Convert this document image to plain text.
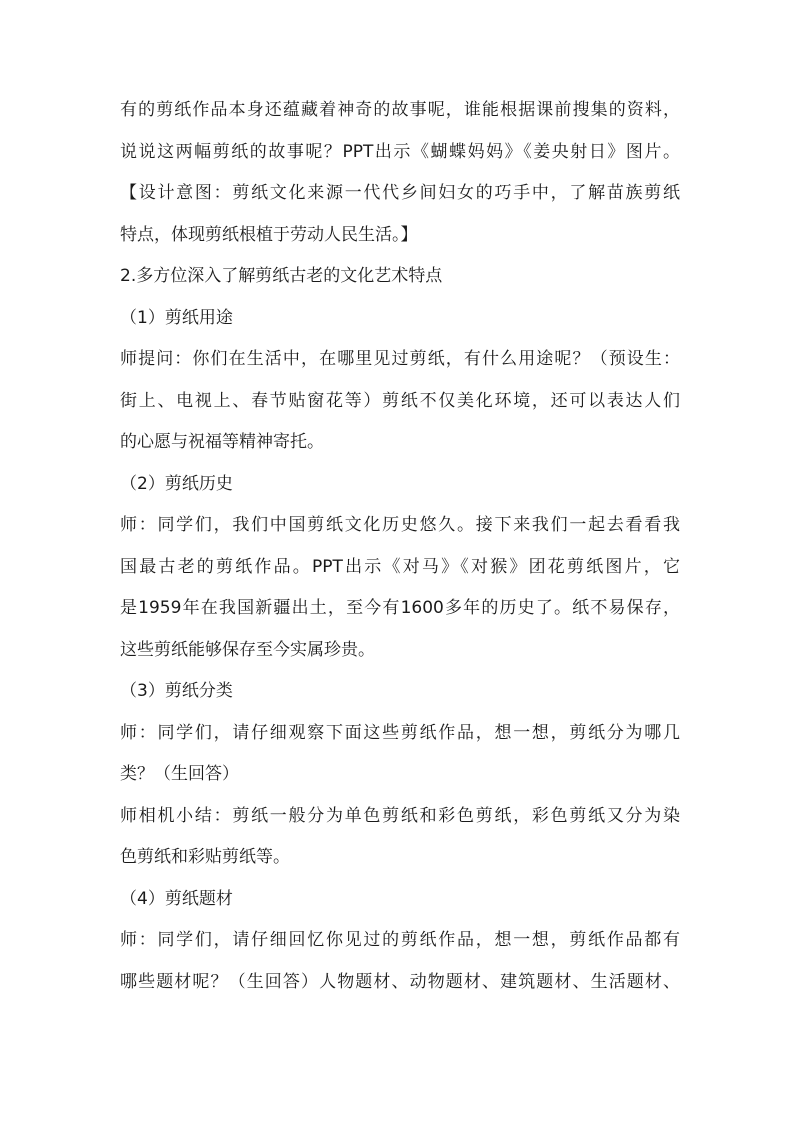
有的剪纸作品本身还蕴藏着神奇的故事呢，谁能根据课前搜集的资料，
说说这两幅剪纸的故事呢？PPT出示《蝴蝶妈妈》《姜央射日》图片。
【设计意图：剪纸文化来源一代代乡间妇女的巧手中，了解苗族剪纸
特点，体现剪纸根植于劳动人民生活。】
2.多方位深入了解剪纸古老的文化艺术特点
（1）剪纸用途
师提问：你们在生活中，在哪里见过剪纸，有什么用途呢？（预设生：
街上、电视上、春节贴窗花等）剪纸不仅美化环境，还可以表达人们
的心愿与祝福等精神寄托。
（2）剪纸历史
师：同学们，我们中国剪纸文化历史悠久。接下来我们一起去看看我
国最古老的剪纸作品。PPT出示《对马》《对猴》团花剪纸图片，它
是1959年在我国新疆出土，至今有1600多年的历史了。纸不易保存，
这些剪纸能够保存至今实属珍贵。
（3）剪纸分类
师：同学们，请仔细观察下面这些剪纸作品，想一想，剪纸分为哪几
类？（生回答）
师相机小结：剪纸一般分为单色剪纸和彩色剪纸，彩色剪纸又分为染
色剪纸和彩贴剪纸等。
（4）剪纸题材
师：同学们，请仔细回忆你见过的剪纸作品，想一想，剪纸作品都有
哪些题材呢？（生回答）人物题材、动物题材、建筑题材、生活题材、
